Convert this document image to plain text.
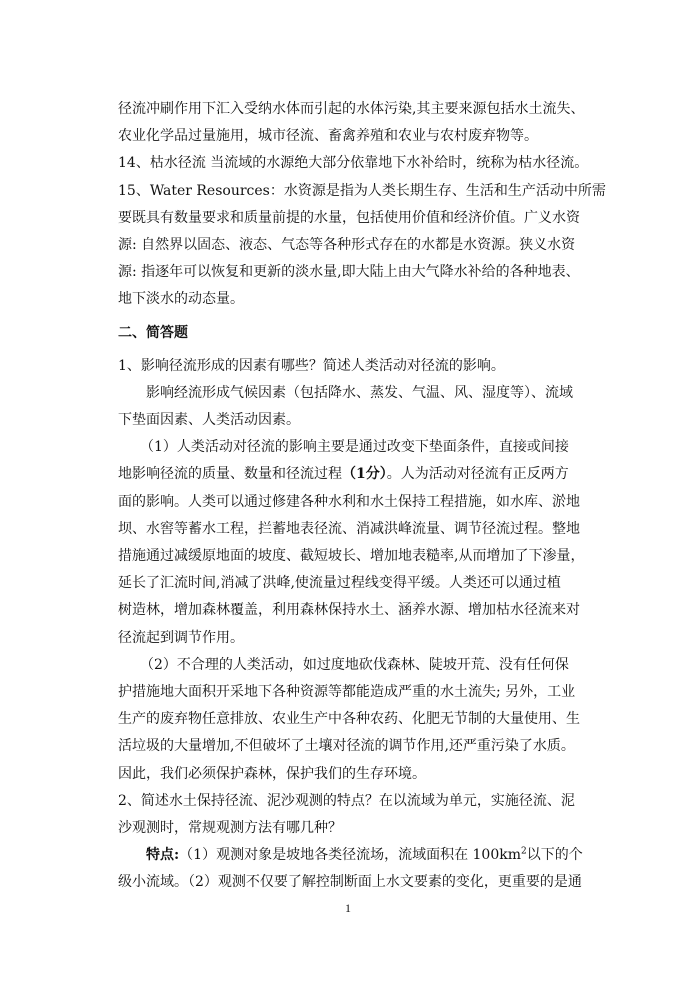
径流冲刷作用下汇入受纳水体而引起的水体污染,其主要来源包括水土流失、
农业化学品过量施用，城市径流、畜禽养殖和农业与农村废弃物等。
14、枯水径流 当流域的水源绝大部分依靠地下水补给时，统称为枯水径流。
15、Water Resources：水资源是指为人类长期生存、生活和生产活动中所需
要既具有数量要求和质量前提的水量，包括使用价值和经济价值。广义水资
源: 自然界以固态、液态、气态等各种形式存在的水都是水资源。狭义水资
源: 指逐年可以恢复和更新的淡水量,即大陆上由大气降水补给的各种地表、
地下淡水的动态量。
二、简答题
1、影响径流形成的因素有哪些？简述人类活动对径流的影响。
影响经流形成气候因素（包括降水、蒸发、气温、风、湿度等）、流域
下垫面因素、人类活动因素。
（1）人类活动对径流的影响主要是通过改变下垫面条件，直接或间接
地影响径流的质量、数量和径流过程（1分）。人为活动对径流有正反两方
面的影响。人类可以通过修建各种水利和水土保持工程措施，如水库、淤地
坝、水窖等蓄水工程，拦蓄地表径流、消减洪峰流量、调节径流过程。整地
措施通过减缓原地面的坡度、截短坡长、增加地表糙率,从而增加了下渗量，
延长了汇流时间,消减了洪峰,使流量过程线变得平缓。人类还可以通过植
树造林，增加森林覆盖，利用森林保持水土、涵养水源、增加枯水径流来对
径流起到调节作用。
（2）不合理的人类活动，如过度地砍伐森林、陡坡开荒、没有任何保
护措施地大面积开采地下各种资源等都能造成严重的水土流失; 另外，工业
生产的废弃物任意排放、农业生产中各种农药、化肥无节制的大量使用、生
活垃圾的大量增加,不但破坏了土壤对径流的调节作用,还严重污染了水质。
因此，我们必须保护森林，保护我们的生存环境。
2、简述水土保持径流、泥沙观测的特点？在以流域为单元，实施径流、泥
沙观测时，常规观测方法有哪几种？
特点:（1）观测对象是坡地各类径流场，流域面积在 $100km^2$以下的个
级小流域。（2）观测不仅要了解控制断面上水文要素的变化，更重要的是通
1
